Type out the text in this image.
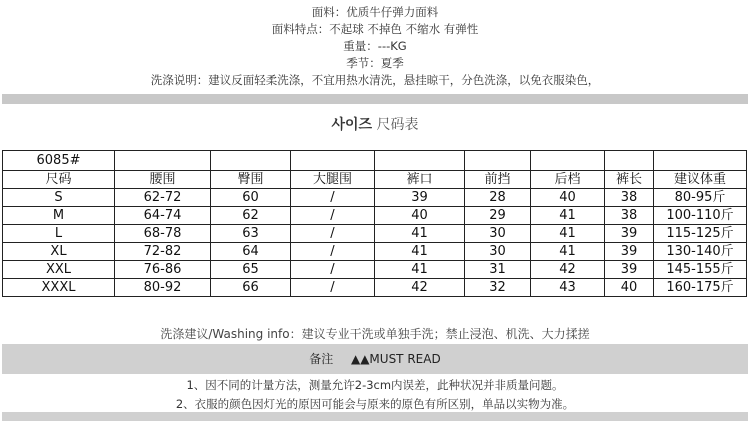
面料：优质牛仔弹力面料
面料特点：不起球 不掉色 不缩水 有弹性
重量：---KG
季节：夏季
洗涤说明：建议反面轻柔洗涤，不宜用热水清洗，悬挂晾干，分色洗涤，以免衣服染色，
사이즈 尺码表
6085#								
尺码	腰围	臀围	大腿围	裤口	前挡	后档	裤长	建议体重
S	62-72	60	/	39	28	40	38	80-95斤
M	64-74	62	/	40	29	41	38	100-110斤
L	68-78	63	/	41	30	41	39	115-125斤
XL	72-82	64	/	41	30	41	39	130-140斤
XXL	76-86	65	/	41	31	42	39	145-155斤
XXXL	80-92	66	/	42	32	43	40	160-175斤
洗涤建议/Washing info：建议专业干洗或单独手洗；禁止浸泡、机洗、大力揉搓
备注 ▲▲MUST READ
1、因不同的计量方法，测量允许2-3cm内误差，此种状况并非质量问题。
2、衣服的颜色因灯光的原因可能会与原来的原色有所区别，单品以实物为准。
